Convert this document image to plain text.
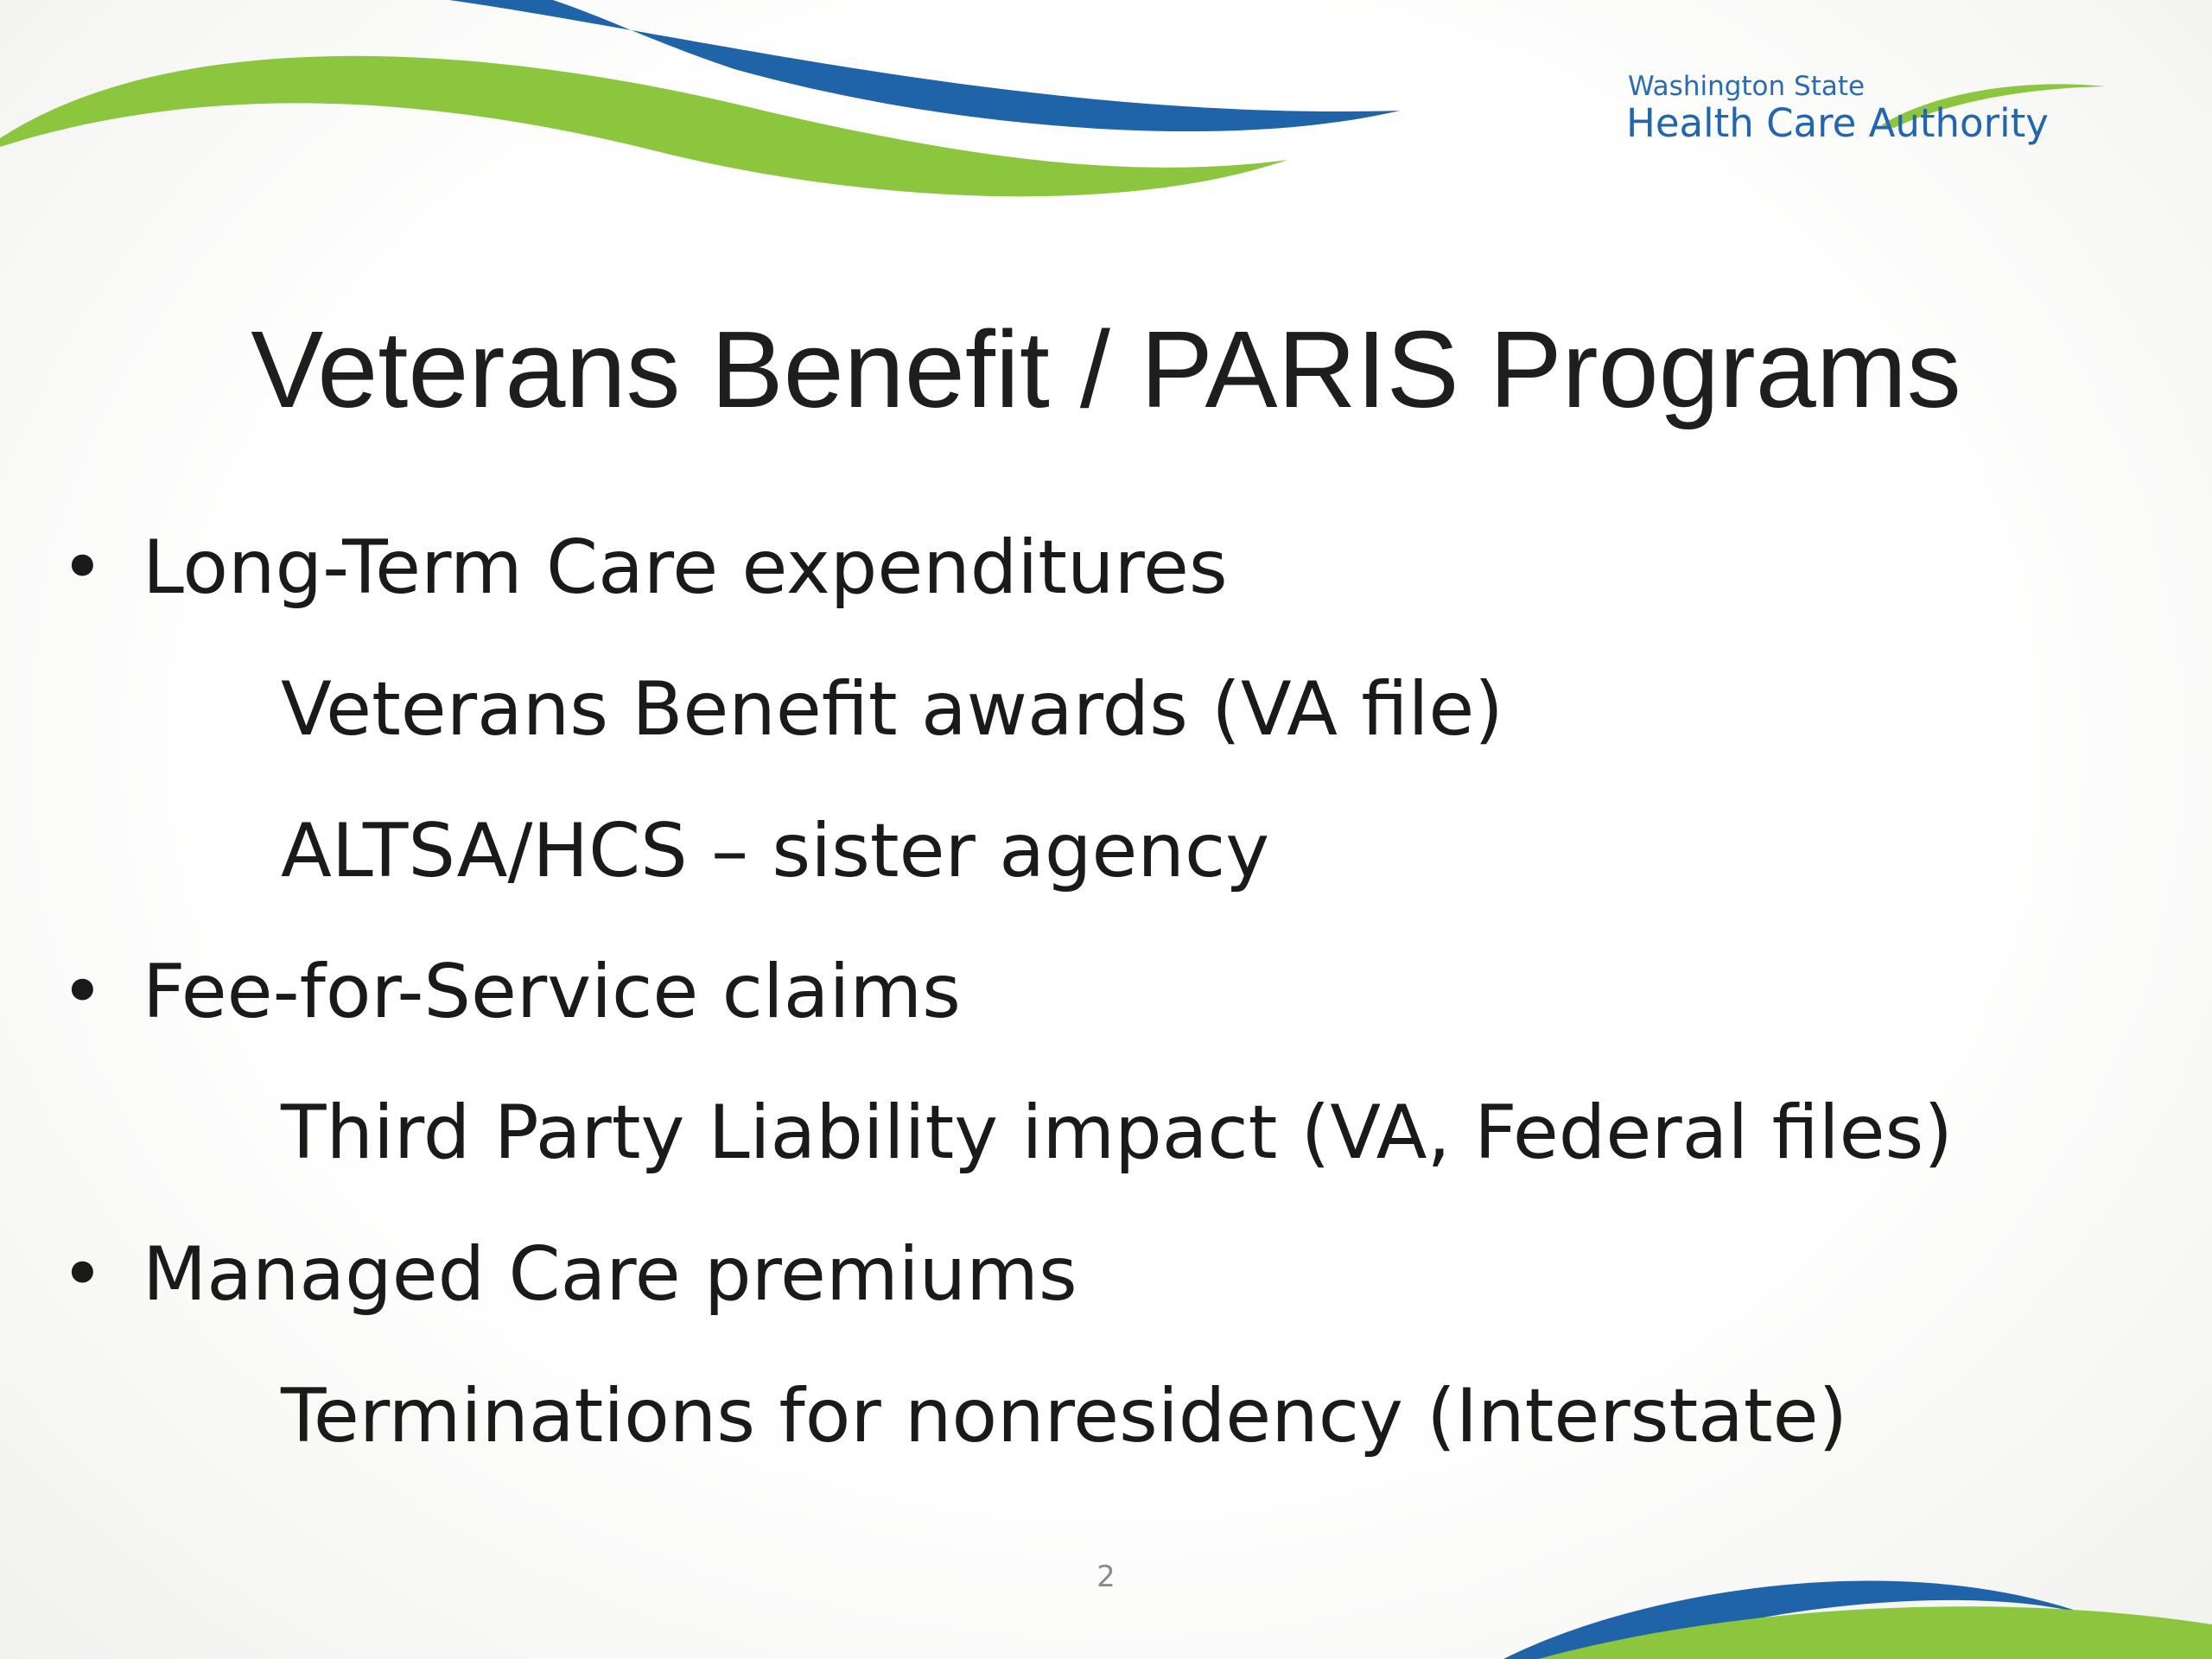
Washington State
Health Care Authority
Veterans Benefit / PARIS Programs
• Long-Term Care expenditures
Veterans Benefit awards (VA file)
ALTSA/HCS – sister agency
• Fee-for-Service claims
Third Party Liability impact (VA, Federal files)
• Managed Care premiums
Terminations for nonresidency (Interstate)
2
